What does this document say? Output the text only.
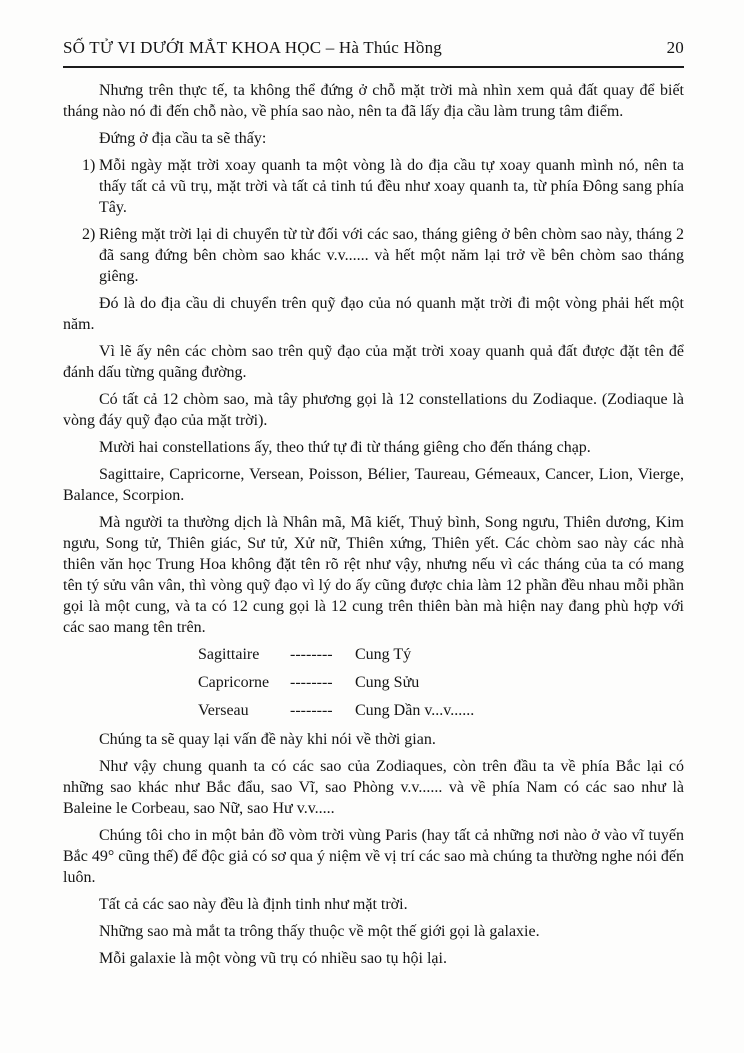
SỐ TỬ VI DƯỚI MẮT KHOA HỌC – Hà Thúc Hồng	20

Nhưng trên thực tế, ta không thể đứng ở chỗ mặt trời mà nhìn xem quả đất quay để biết tháng nào nó đi đến chỗ nào, về phía sao nào, nên ta đã lấy địa cầu làm trung tâm điểm.

Đứng ở địa cầu ta sẽ thấy:

1) Mỗi ngày mặt trời xoay quanh ta một vòng là do địa cầu tự xoay quanh mình nó, nên ta thấy tất cả vũ trụ, mặt trời và tất cả tinh tú đều như xoay quanh ta, từ phía Đông sang phía Tây.
2) Riêng mặt trời lại di chuyển từ từ đối với các sao, tháng giêng ở bên chòm sao này, tháng 2 đã sang đứng bên chòm sao khác v.v...... và hết một năm lại trở về bên chòm sao tháng giêng.

Đó là do địa cầu di chuyển trên quỹ đạo của nó quanh mặt trời đi một vòng phải hết một năm.

Vì lẽ ấy nên các chòm sao trên quỹ đạo của mặt trời xoay quanh quả đất được đặt tên để đánh dấu từng quãng đường.

Có tất cả 12 chòm sao, mà tây phương gọi là 12 constellations du Zodiaque. (Zodiaque là vòng đáy quỹ đạo của mặt trời).

Mười hai constellations ấy, theo thứ tự đi từ tháng giêng cho đến tháng chạp.

Sagittaire, Capricorne, Versean, Poisson, Bélier, Taureau, Gémeaux, Cancer, Lion, Vierge, Balance, Scorpion.

Mà người ta thường dịch là Nhân mã, Mã kiết, Thuỷ bình, Song ngưu, Thiên dương, Kim ngưu, Song tử, Thiên giác, Sư tử, Xử nữ, Thiên xứng, Thiên yết. Các chòm sao này các nhà thiên văn học Trung Hoa không đặt tên rõ rệt như vậy, nhưng nếu vì các tháng của ta có mang tên tý sửu vân vân, thì vòng quỹ đạo vì lý do ấy cũng được chia làm 12 phần đều nhau mỗi phần gọi là một cung, và ta có 12 cung gọi là 12 cung trên thiên bàn mà hiện nay đang phù hợp với các sao mang tên trên.

Sagittaire	--------	Cung Tý
Capricorne	--------	Cung Sửu
Verseau	--------	Cung Dần v...v......

Chúng ta sẽ quay lại vấn đề này khi nói về thời gian.

Như vậy chung quanh ta có các sao của Zodiaques, còn trên đầu ta về phía Bắc lại có những sao khác như Bắc đẩu, sao Vĩ, sao Phòng v.v...... và về phía Nam có các sao như là Baleine le Corbeau, sao Nữ, sao Hư v.v.....

Chúng tôi cho in một bản đồ vòm trời vùng Paris (hay tất cả những nơi nào ở vào vĩ tuyến Bắc 49° cũng thế) để độc giả có sơ qua ý niệm về vị trí các sao mà chúng ta thường nghe nói đến luôn.

Tất cả các sao này đều là định tinh như mặt trời.

Những sao mà mắt ta trông thấy thuộc về một thế giới gọi là galaxie.

Mỗi galaxie là một vòng vũ trụ có nhiều sao tụ hội lại.
